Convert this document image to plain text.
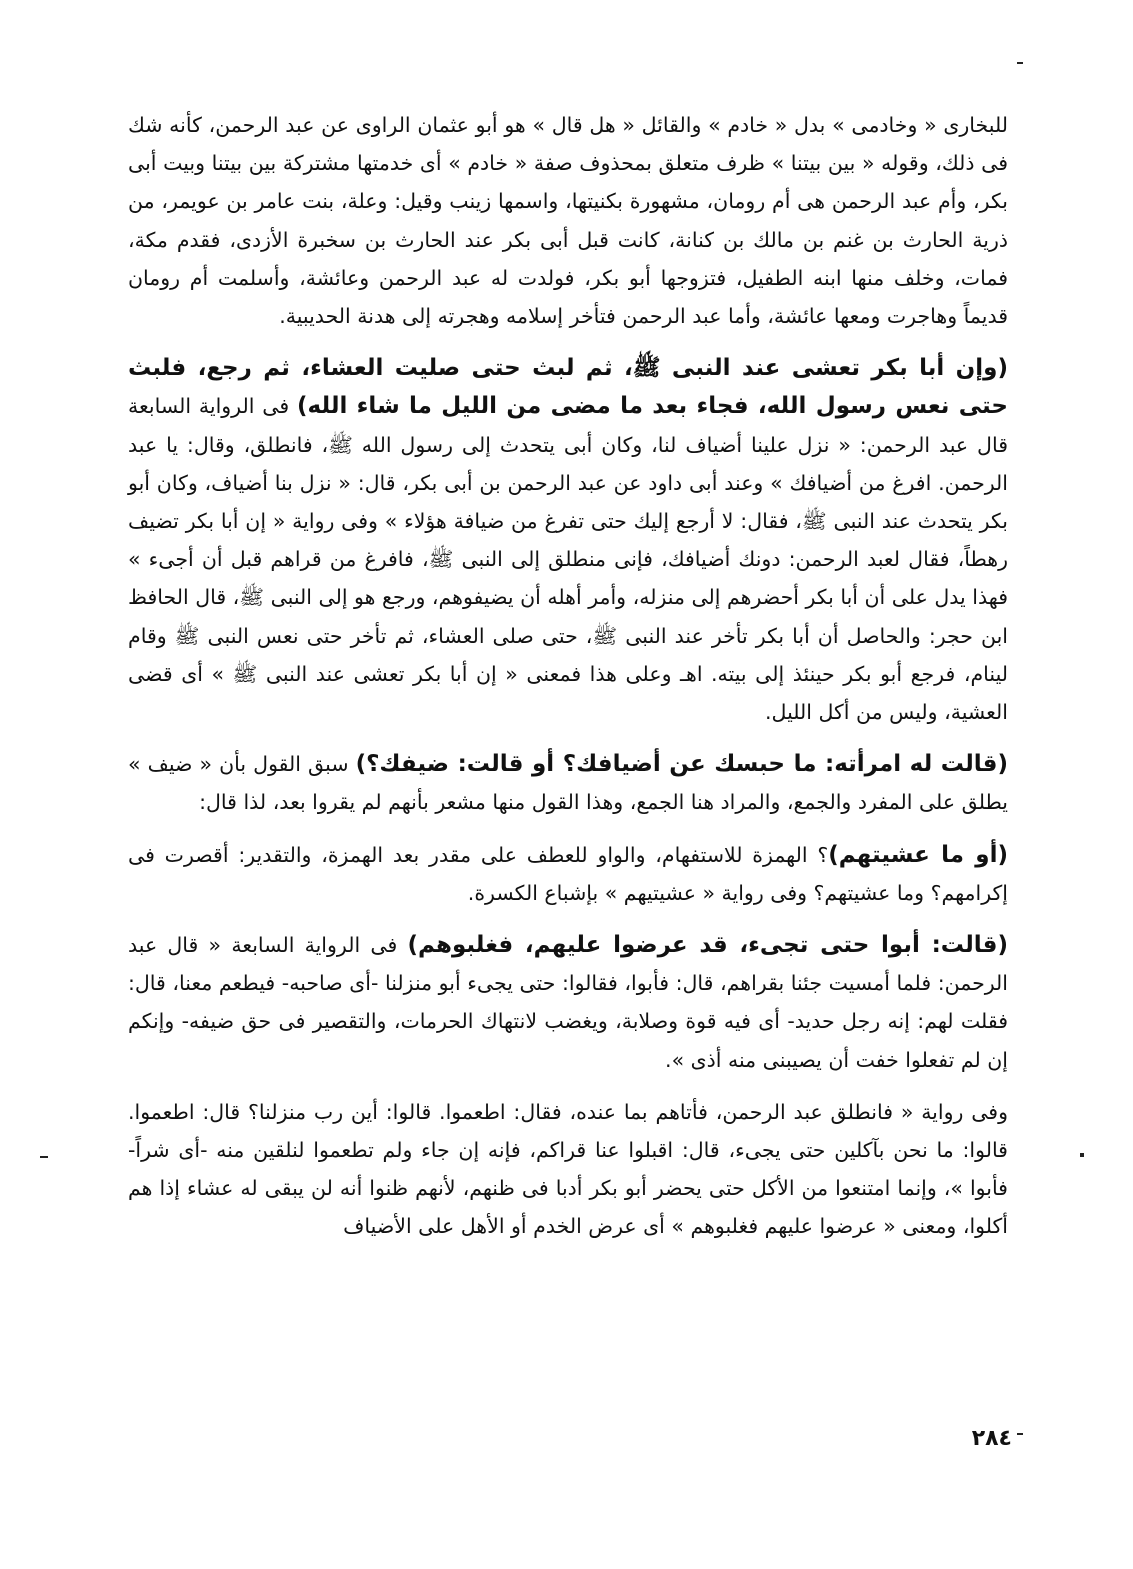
للبخارى « وخادمى » بدل « خادم » والقائل « هل قال » هو أبو عثمان الراوى عن عبد الرحمن، كأنه شك فى ذلك، وقوله « بين بيتنا » ظرف متعلق بمحذوف صفة « خادم » أى خدمتها مشتركة بين بيتنا وبيت أبى بكر، وأم عبد الرحمن هى أم رومان، مشهورة بكنيتها، واسمها زينب وقيل: وعلة، بنت عامر بن عويمر، من ذرية الحارث بن غنم بن مالك بن كنانة، كانت قبل أبى بكر عند الحارث بن سخبرة الأزدى، فقدم مكة، فمات، وخلف منها ابنه الطفيل، فتزوجها أبو بكر، فولدت له عبد الرحمن وعائشة، وأسلمت أم رومان قديماً وهاجرت ومعها عائشة، وأما عبد الرحمن فتأخر إسلامه وهجرته إلى هدنة الحديبية.

(وإن أبا بكر تعشى عند النبى ﷺ، ثم لبث حتى صليت العشاء، ثم رجع، فلبث حتى نعس رسول الله، فجاء بعد ما مضى من الليل ما شاء الله) فى الرواية السابعة قال عبد الرحمن: « نزل علينا أضياف لنا، وكان أبى يتحدث إلى رسول الله ﷺ، فانطلق، وقال: يا عبد الرحمن. افرغ من أضيافك » وعند أبى داود عن عبد الرحمن بن أبى بكر، قال: « نزل بنا أضياف، وكان أبو بكر يتحدث عند النبى ﷺ، فقال: لا أرجع إليك حتى تفرغ من ضيافة هؤلاء » وفى رواية « إن أبا بكر تضيف رهطاً، فقال لعبد الرحمن: دونك أضيافك، فإنى منطلق إلى النبى ﷺ، فافرغ من قراهم قبل أن أجىء » فهذا يدل على أن أبا بكر أحضرهم إلى منزله، وأمر أهله أن يضيفوهم، ورجع هو إلى النبى ﷺ، قال الحافظ ابن حجر: والحاصل أن أبا بكر تأخر عند النبى ﷺ، حتى صلى العشاء، ثم تأخر حتى نعس النبى ﷺ وقام لينام، فرجع أبو بكر حينئذ إلى بيته. اهـ وعلى هذا فمعنى « إن أبا بكر تعشى عند النبى ﷺ » أى قضى العشية، وليس من أكل الليل.

(قالت له امرأته: ما حبسك عن أضيافك؟ أو قالت: ضيفك؟) سبق القول بأن « ضيف » يطلق على المفرد والجمع، والمراد هنا الجمع، وهذا القول منها مشعر بأنهم لم يقروا بعد، لذا قال:

(أو ما عشيتهم)؟ الهمزة للاستفهام، والواو للعطف على مقدر بعد الهمزة، والتقدير: أقصرت فى إكرامهم؟ وما عشيتهم؟ وفى رواية « عشيتيهم » بإشباع الكسرة.

(قالت: أبوا حتى تجىء، قد عرضوا عليهم، فغلبوهم) فى الرواية السابعة « قال عبد الرحمن: فلما أمسيت جئنا بقراهم، قال: فأبوا، فقالوا: حتى يجىء أبو منزلنا -أى صاحبه- فيطعم معنا، قال: فقلت لهم: إنه رجل حديد- أى فيه قوة وصلابة، ويغضب لانتهاك الحرمات، والتقصير فى حق ضيفه- وإنكم إن لم تفعلوا خفت أن يصيبنى منه أذى ».

وفى رواية « فانطلق عبد الرحمن، فأتاهم بما عنده، فقال: اطعموا. قالوا: أين رب منزلنا؟ قال: اطعموا. قالوا: ما نحن بآكلين حتى يجىء، قال: اقبلوا عنا قراكم، فإنه إن جاء ولم تطعموا لنلقين منه -أى شراً- فأبوا »، وإنما امتنعوا من الأكل حتى يحضر أبو بكر أدبا فى ظنهم، لأنهم ظنوا أنه لن يبقى له عشاء إذا هم أكلوا، ومعنى « عرضوا عليهم فغلبوهم » أى عرض الخدم أو الأهل على الأضياف

٢٨٤
